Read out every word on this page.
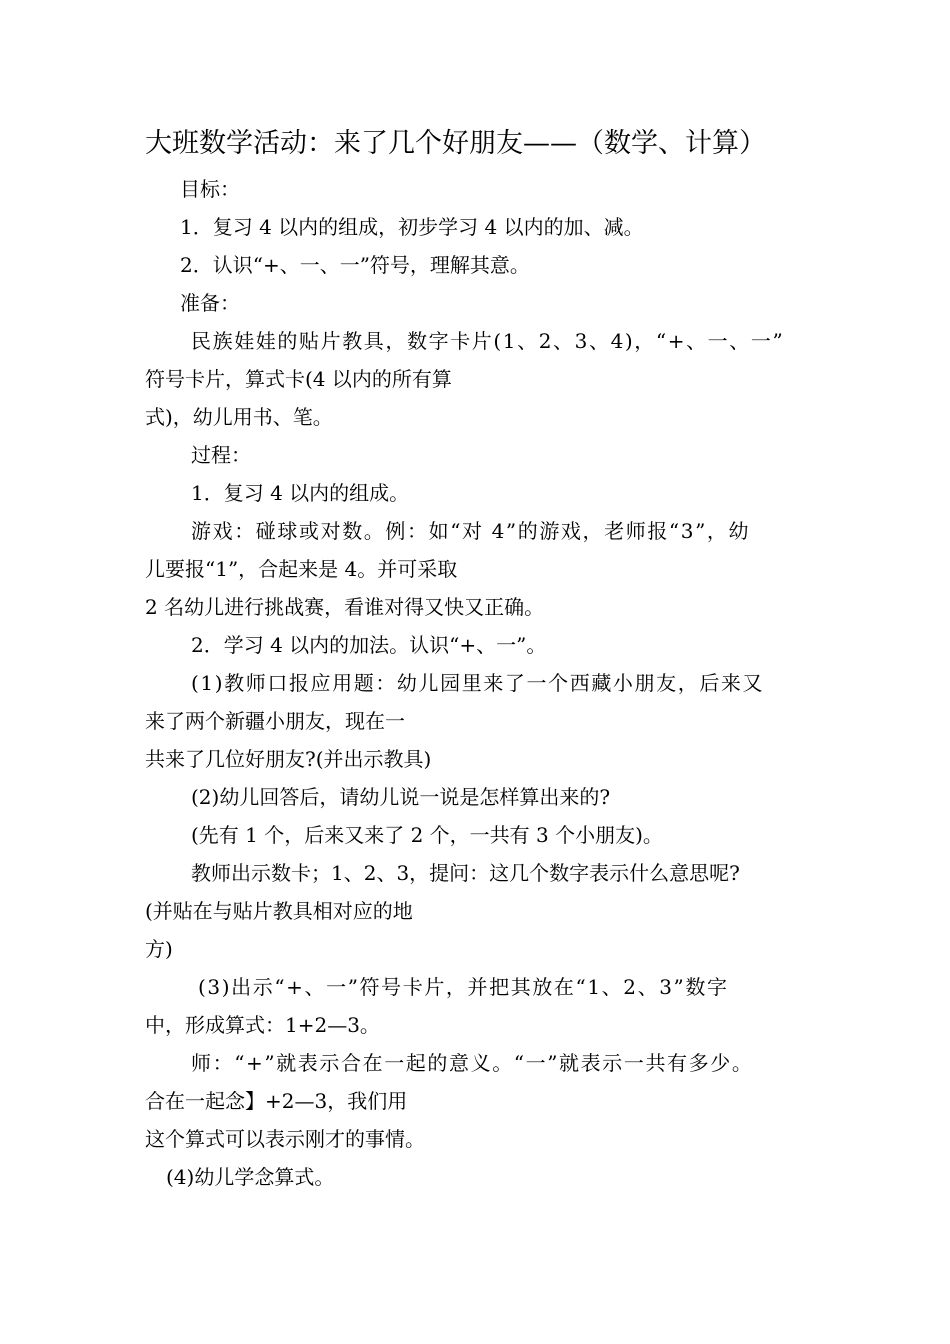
大班数学活动：来了几个好朋友——（数学、计算）
目标：
1．复习 4 以内的组成，初步学习 4 以内的加、减。
2．认识“+、一、一”符号，理解其意。
准备：
民族娃娃的贴片教具，数字卡片(1、2、3、4)，“+、一、一”
符号卡片，算式卡(4 以内的所有算
式)，幼儿用书、笔。
过程：
1．复习 4 以内的组成。
游戏：碰球或对数。例：如“对 4”的游戏，老师报“3”，幼
儿要报“1”，合起来是 4。并可采取
2 名幼儿进行挑战赛，看谁对得又快又正确。
2．学习 4 以内的加法。认识“+、一”。
(1)教师口报应用题：幼儿园里来了一个西藏小朋友，后来又
来了两个新疆小朋友，现在一
共来了几位好朋友?(并出示教具)
(2)幼儿回答后，请幼儿说一说是怎样算出来的?
(先有 1 个，后来又来了 2 个，一共有 3 个小朋友)。
教师出示数卡；1、2、3，提问：这几个数字表示什么意思呢?
(并贴在与贴片教具相对应的地
方)
(3)出示“+、一”符号卡片，并把其放在“1、2、3”数字
中，形成算式：1+2—3。
师：“+”就表示合在一起的意义。“一”就表示一共有多少。
合在一起念】+2—3，我们用
这个算式可以表示刚才的事情。
(4)幼儿学念算式。
